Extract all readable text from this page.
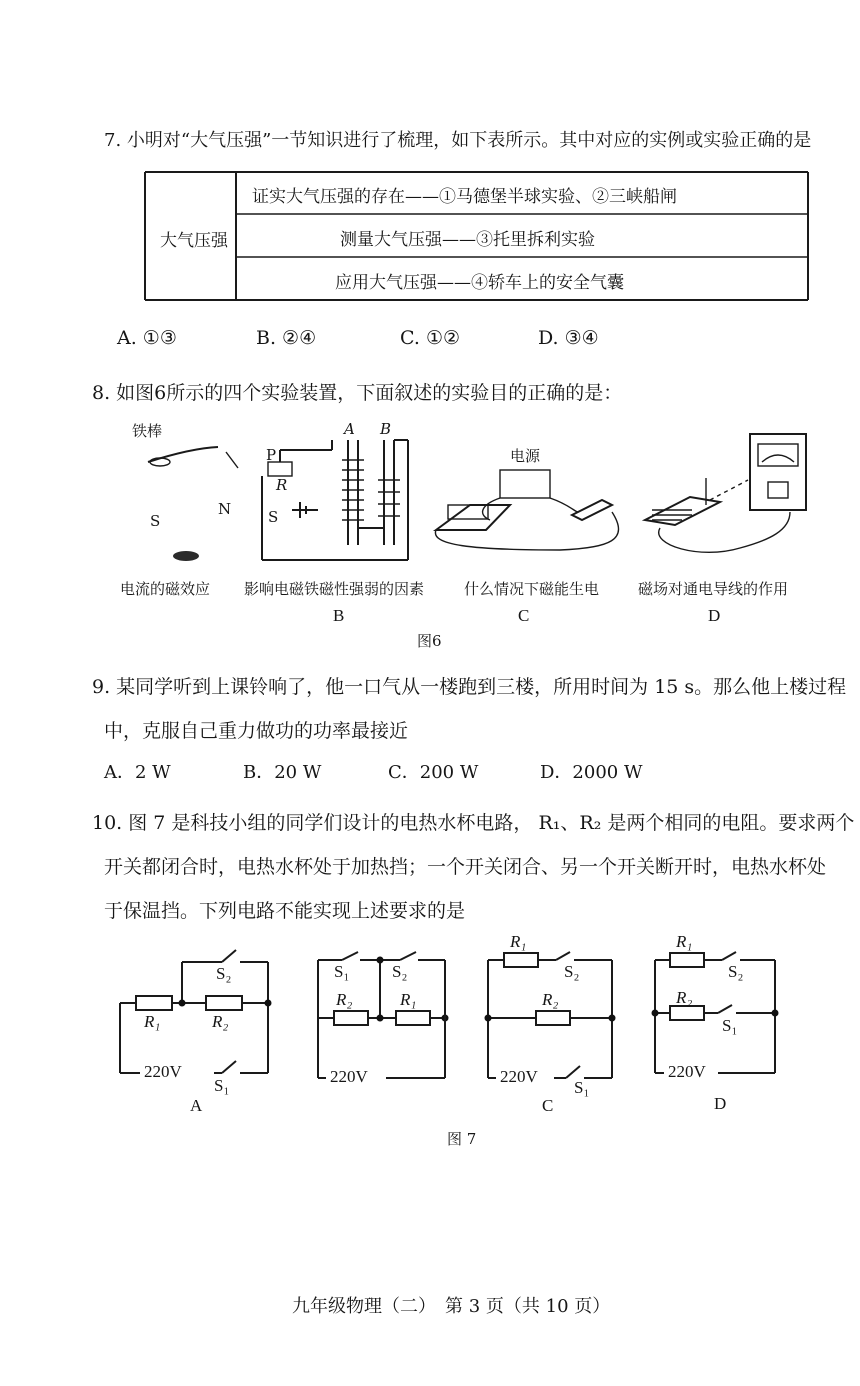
7. 小明对“大气压强”一节知识进行了梳理，如下表所示。其中对应的实例或实验正确的是
大气压强
证实大气压强的存在——①马德堡半球实验、②三峡船闸
测量大气压强——③托里拆利实验
应用大气压强——④轿车上的安全气囊
A. ①③	B. ②④	C. ①②	D. ③④
8. 如图6所示的四个实验装置，下面叙述的实验目的正确的是：
铁棒
N
S
P
R
S
A B
电源
电流的磁效应 影响电磁铁磁性强弱的因素	什么情况下磁能生电	磁场对通电导线的作用
B	C	D
图6
9. 某同学听到上课铃响了，他一口气从一楼跑到三楼，所用时间为 15 s。那么他上楼过程
中，克服自己重力做功的功率最接近
A．2 W	B．20 W	C．200 W	D．2000 W
10. 图 7 是科技小组的同学们设计的电热水杯电路， R₁、R₂ 是两个相同的电阻。要求两个
开关都闭合时，电热水杯处于加热挡；一个开关闭合、另一个开关断开时，电热水杯处
于保温挡。下列电路不能实现上述要求的是
S₂
R₁	R₂
220V
S₁
A
S₁	S₂
R₂	R₁
220V
R₁
S₂
R₂
220V
S₁
C
R₁
S₂
R₂
S₁
220V
D
图 7
九年级物理（二）　第 3 页（共 10 页）
